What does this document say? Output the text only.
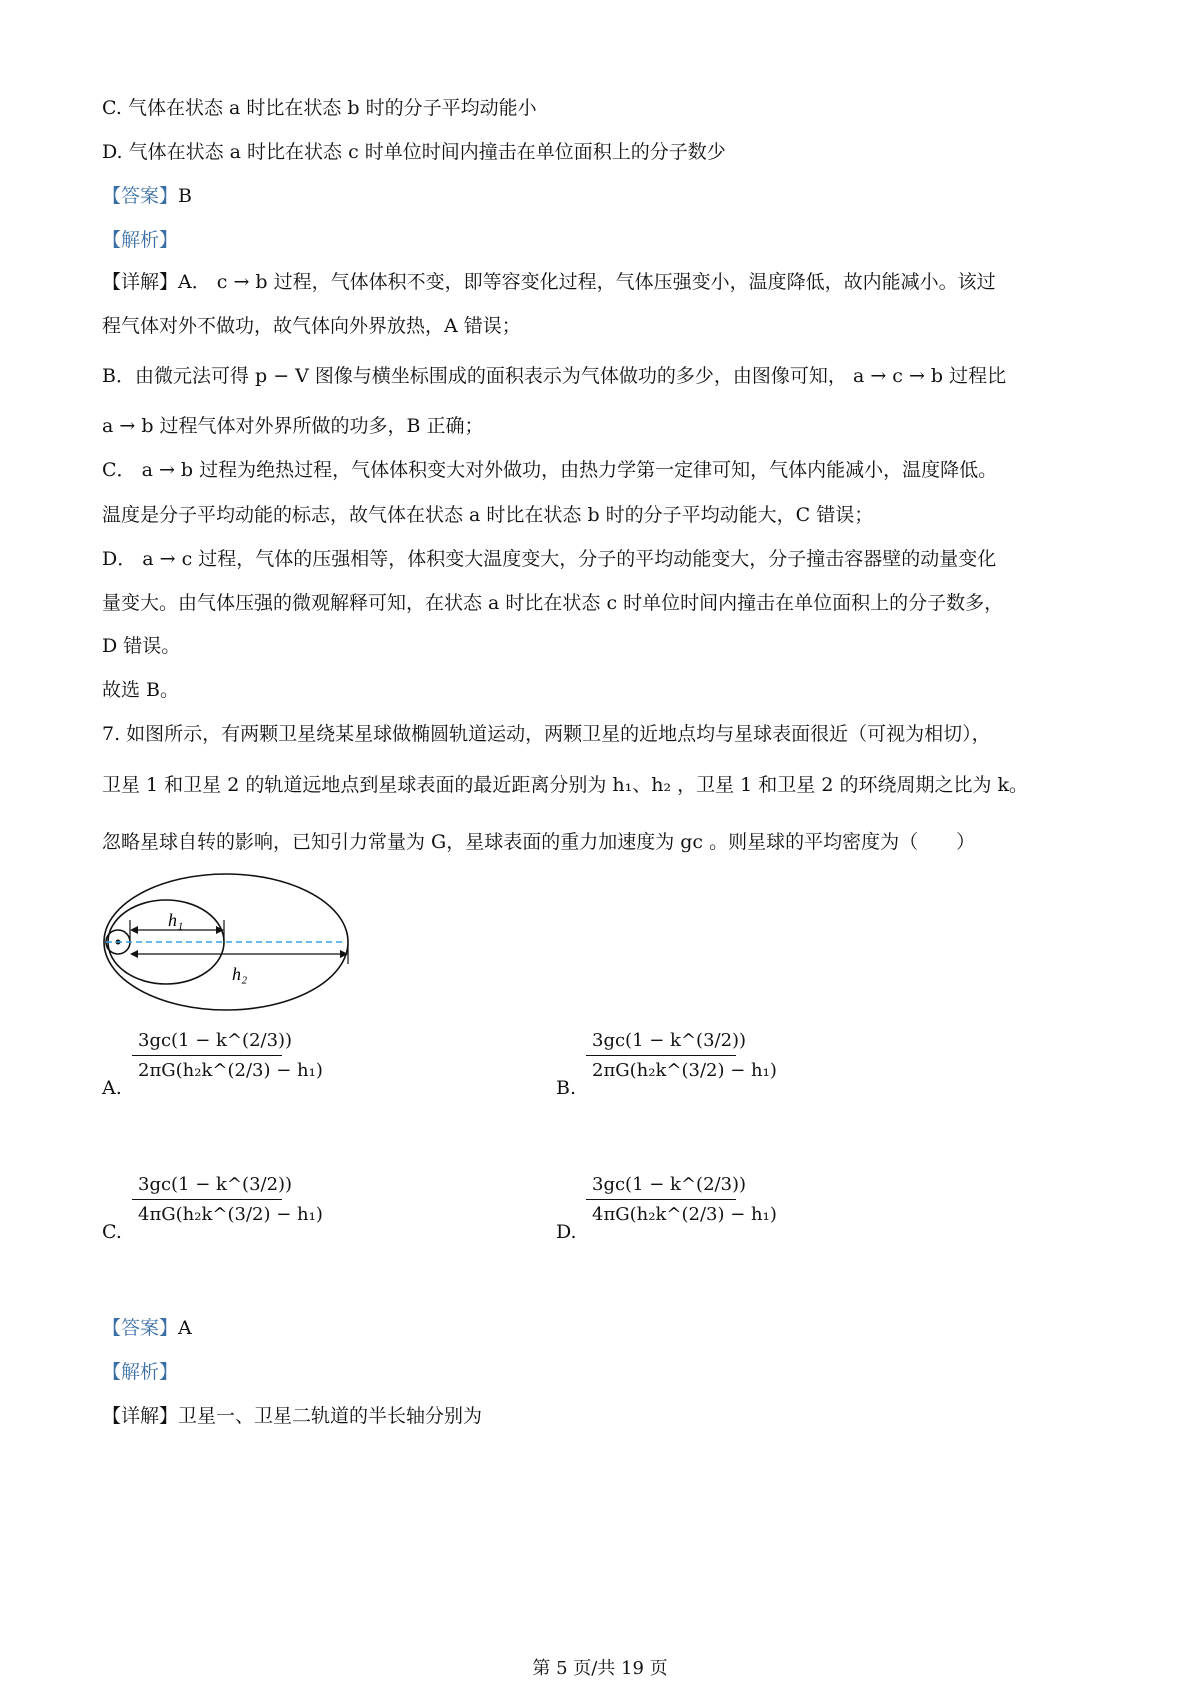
C. 气体在状态 a 时比在状态 b 时的分子平均动能小
D. 气体在状态 a 时比在状态 c 时单位时间内撞击在单位面积上的分子数少
【答案】B
【解析】
【详解】A． c → b 过程，气体体积不变，即等容变化过程，气体压强变小，温度降低，故内能减小。该过
程气体对外不做功，故气体向外界放热，A 错误；
B．由微元法可得 p − V 图像与横坐标围成的面积表示为气体做功的多少，由图像可知， a → c → b 过程比
a → b 过程气体对外界所做的功多，B 正确；
C． a → b 过程为绝热过程，气体体积变大对外做功，由热力学第一定律可知，气体内能减小，温度降低。
温度是分子平均动能的标志，故气体在状态 a 时比在状态 b 时的分子平均动能大，C 错误；
D． a → c 过程，气体的压强相等，体积变大温度变大，分子的平均动能变大，分子撞击容器壁的动量变化
量变大。由气体压强的微观解释可知，在状态 a 时比在状态 c 时单位时间内撞击在单位面积上的分子数多，
D 错误。
故选 B。
7. 如图所示，有两颗卫星绕某星球做椭圆轨道运动，两颗卫星的近地点均与星球表面很近（可视为相切），
卫星 1 和卫星 2 的轨道远地点到星球表面的最近距离分别为 h₁、h₂ ，卫星 1 和卫星 2 的环绕周期之比为 k。
忽略星球自转的影响，已知引力常量为 G，星球表面的重力加速度为 gc 。则星球的平均密度为（　　）
h₁
h₂
A.
3gc(1 − k^(2/3))
2πG(h₂k^(2/3) − h₁)
B.
3gc(1 − k^(3/2))
2πG(h₂k^(3/2) − h₁)
C.
3gc(1 − k^(3/2))
4πG(h₂k^(3/2) − h₁)
D.
3gc(1 − k^(2/3))
4πG(h₂k^(2/3) − h₁)
【答案】A
【解析】
【详解】卫星一、卫星二轨道的半长轴分别为
第 5 页/共 19 页
